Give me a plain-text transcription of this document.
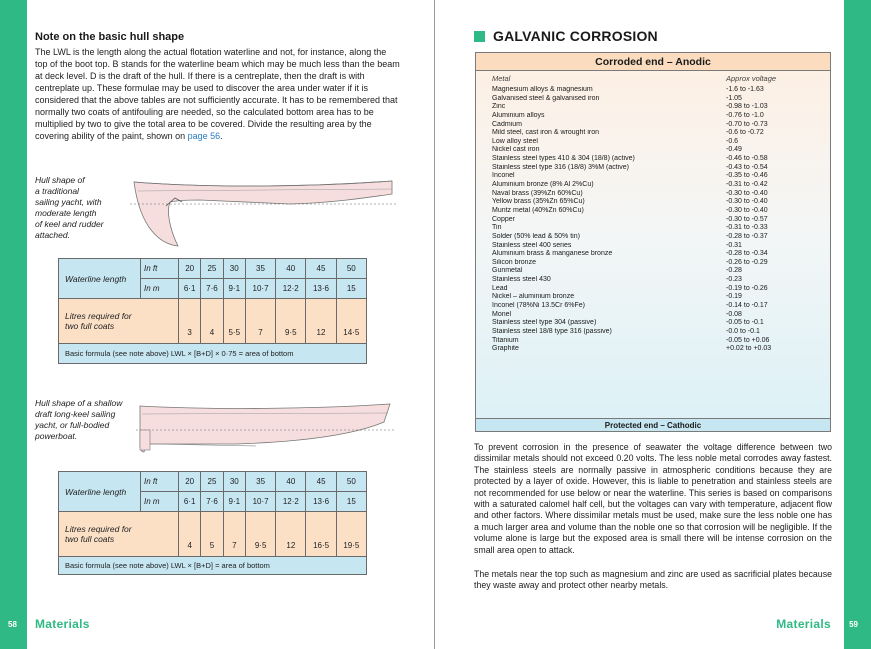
Note on the basic hull shape
The LWL is the length along the actual flotation waterline and not, for instance, along the top of the boot top. B stands for the waterline beam which may be much less than the beam at deck level. D is the draft of the hull. If there is a centreplate, then the draft is with centreplate up. These formulae may be used to discover the area under water if it is considered that the above tables are not sufficiently accurate. It has to be remembered that normally two coats of antifouling are needed, so the calculated bottom area has to be multiplied by two to give the total area to be covered. Divide the resulting area by the covering ability of the paint, shown on page 56.
Hull shape of
a traditional
sailing yacht, with
moderate length
of keel and rudder
attached.
Waterline length	In ft	20	25	30	35	40	45	50
	In m	6·1	7·6	9·1	10·7	12·2	13·6	15

Litres required for
two full coats		3	4	5·5	7	9·5	12	14·5
Basic formula (see note above) LWL × [B+D] × 0·75 = area of bottom								
Hull shape of a shallow
draft long-keel sailing
yacht, or full-bodied
powerboat.
Waterline length	In ft	20	25	30	35	40	45	50
	In m	6·1	7·6	9·1	10·7	12·2	13·6	15

Litres required for
two full coats		4	5	7	9·5	12	16·5	19·5
Basic formula (see note above) LWL × [B+D] = area of bottom								
58 Materials
GALVANIC CORROSION
Corroded end – Anodic
Metal	Approx voltage
Magnesium alloys & magnesium	-1.6 to -1.63
Galvanised steel & galvanised iron	-1.05
Zinc	-0.98 to -1.03
Aluminium alloys	-0.76 to -1.0
Cadmium	-0.70 to -0.73
Mild steel, cast iron & wrought iron	-0.6 to -0.72
Low alloy steel	-0.6
Nickel cast iron	-0.49
Stainless steel types 410 & 304 (18/8) (active)	-0.46 to -0.58
Stainless steel type 316 (18/8) 3%M (active)	-0.43 to -0.54
Inconel	-0.35 to -0.46
Aluminium bronze (8% Al 2%Cu)	-0.31 to -0.42
Naval brass (39%Zn 60%Cu)	-0.30 to -0.40
Yellow brass (35%Zn 65%Cu)	-0.30 to -0.40
Muntz metal (40%Zn 60%Cu)	-0.30 to -0.40
Copper	-0.30 to -0.57
Tin	-0.31 to -0.33
Solder (50% lead & 50% tin)	-0.28 to -0.37
Stainless steel 400 series	-0.31
Aluminium brass & manganese bronze	-0.28 to -0.34
Silicon bronze	-0.26 to -0.29
Gunmetal	-0.28
Stainless steel 430	-0.23
Lead	-0.19 to -0.26
Nickel – aluminium bronze	-0.19
Inconel (78%Ni 13.5Cr 6%Fe)	-0.14 to -0.17
Monel	-0.08
Stainless steel type 304 (passive)	-0.05 to -0.1
Stainless steel 18/8 type 316 (passive)	-0.0 to -0.1
Titanium	-0.05 to +0.06
Graphite	+0.02 to +0.03
Protected end – Cathodic
To prevent corrosion in the presence of seawater the voltage difference between two dissimilar metals should not exceed 0.20 volts. The less noble metal corrodes away fastest. The stainless steels are normally passive in atmospheric conditions because they are protected by a layer of oxide. However, this is liable to penetration and stainless steels are not recommended for use below or near the waterline. This series is based on comparisons with a saturated calomel half cell, but the voltages can vary with temperature, adjacent flow and other factors. Where dissimilar metals must be used, make sure the less noble one has a much larger area and volume than the noble one so that corrosion will be negligible. If the volume alone is large but the exposed area is small there will be intense corrosion on the small area open to attack.
The metals near the top such as magnesium and zinc are used as sacrificial plates because they waste away and protect other nearby metals.
Materials 59
